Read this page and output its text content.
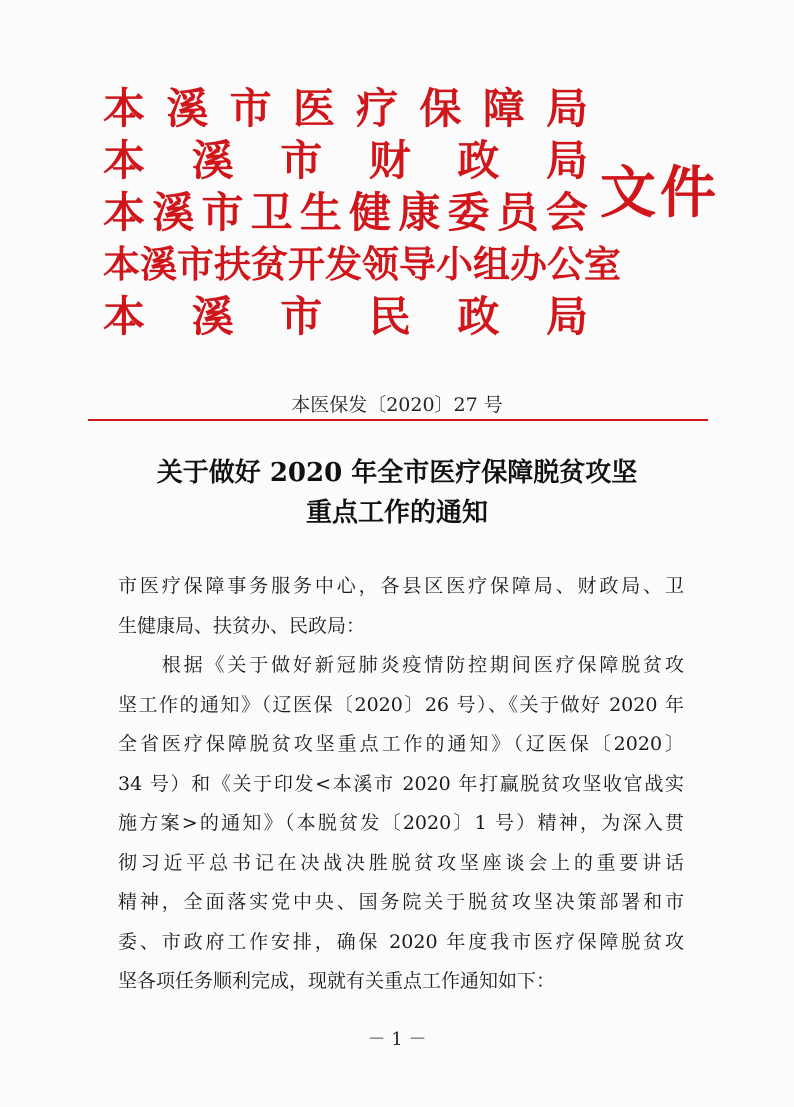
本 溪 市 医 疗 保 障 局
本 溪 市 财 政 局
本 溪 市 卫 生 健 康 委 员 会
本 溪 市 扶 贫 开 发 领 导 小 组 办 公 室
本 溪 市 民 政 局
文件
本医保发〔2020〕27 号
关于做好 2020 年全市医疗保障脱贫攻坚
重点工作的通知

市医疗保障事务服务中心，各县区医疗保障局、财政局、卫
生健康局、扶贫办、民政局：

　　根据《关于做好新冠肺炎疫情防控期间医疗保障脱贫攻
坚工作的通知》（辽医保〔2020〕26 号）、《关于做好 2020 年
全省医疗保障脱贫攻坚重点工作的通知》（辽医保〔2020〕
34 号）和《关于印发<本溪市 2020 年打赢脱贫攻坚收官战实
施方案>的通知》（本脱贫发〔2020〕1 号）精神，为深入贯
彻习近平总书记在决战决胜脱贫攻坚座谈会上的重要讲话
精神，全面落实党中央、国务院关于脱贫攻坚决策部署和市
委、市政府工作安排，确保 2020 年度我市医疗保障脱贫攻
坚各项任务顺利完成，现就有关重点工作通知如下：

－ 1 －
